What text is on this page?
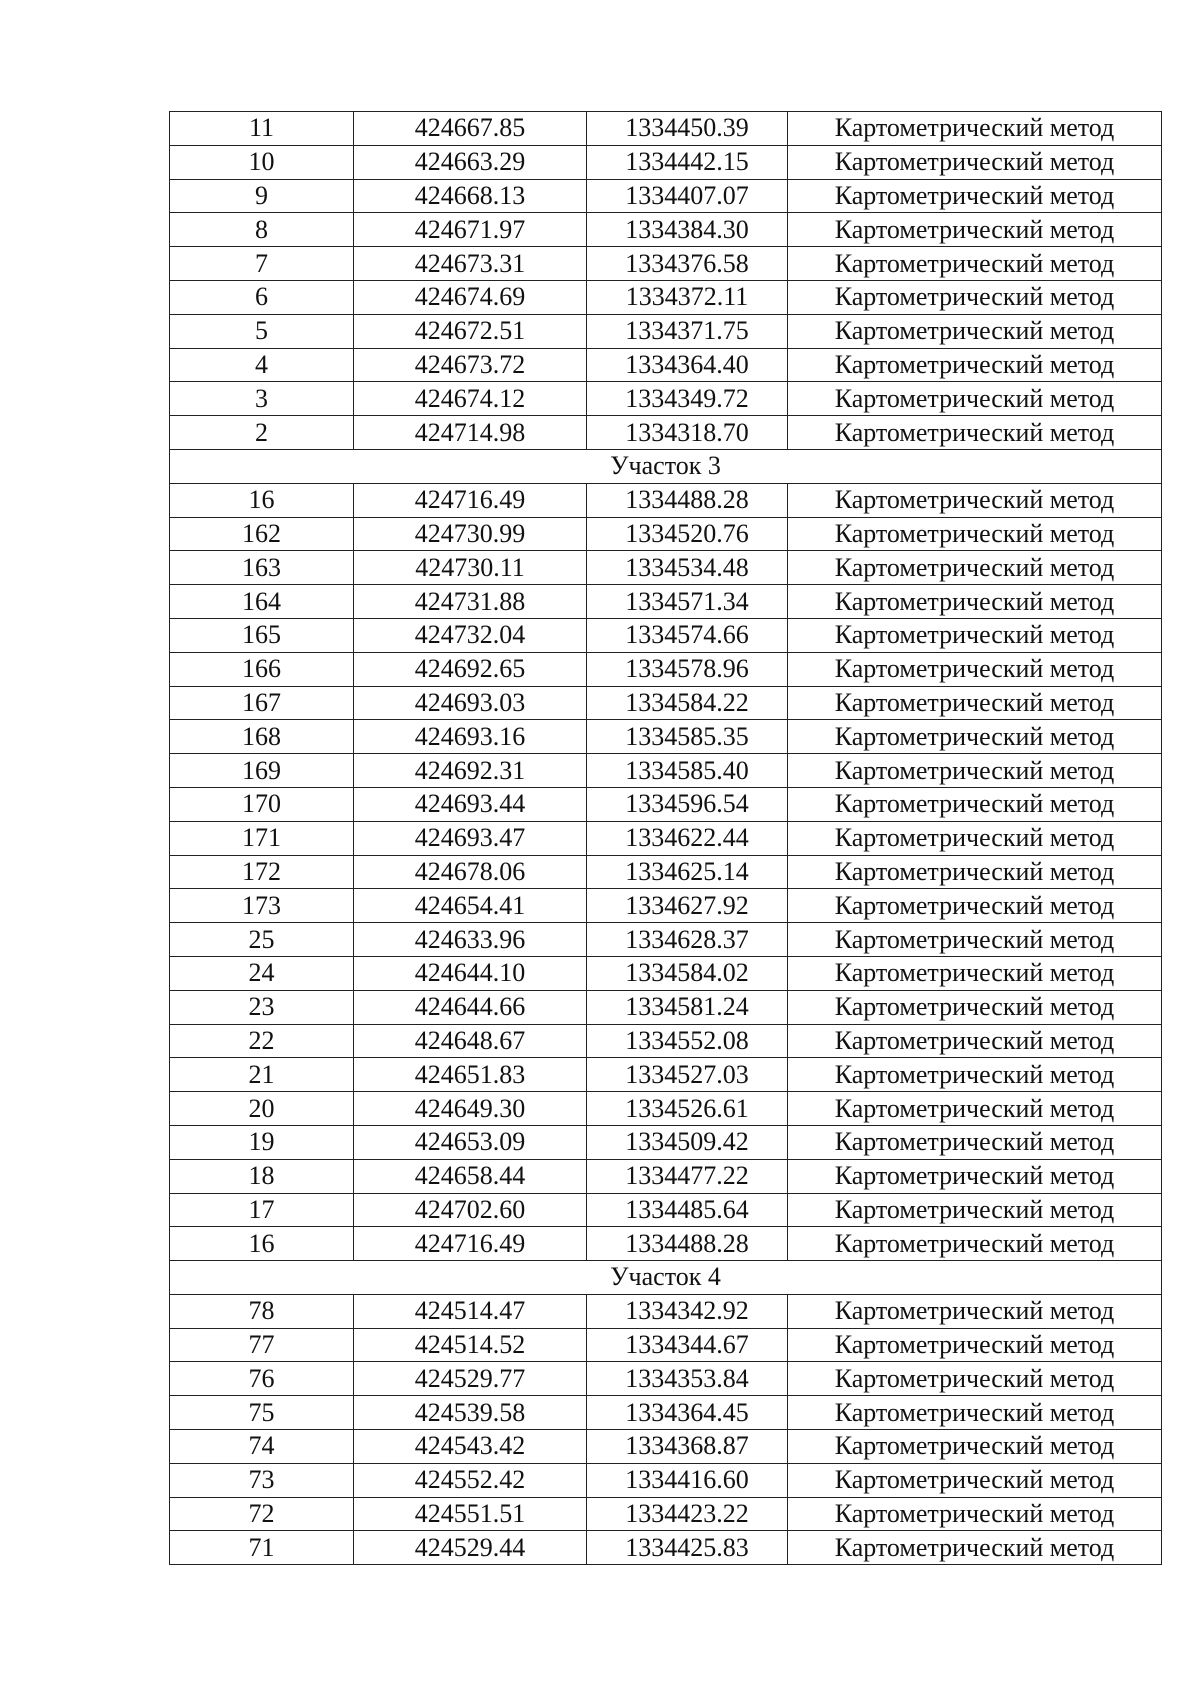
11	424667.85	1334450.39	Картометрический метод
10	424663.29	1334442.15	Картометрический метод
9	424668.13	1334407.07	Картометрический метод
8	424671.97	1334384.30	Картометрический метод
7	424673.31	1334376.58	Картометрический метод
6	424674.69	1334372.11	Картометрический метод
5	424672.51	1334371.75	Картометрический метод
4	424673.72	1334364.40	Картометрический метод
3	424674.12	1334349.72	Картометрический метод
2	424714.98	1334318.70	Картометрический метод
Участок 3			
16	424716.49	1334488.28	Картометрический метод
162	424730.99	1334520.76	Картометрический метод
163	424730.11	1334534.48	Картометрический метод
164	424731.88	1334571.34	Картометрический метод
165	424732.04	1334574.66	Картометрический метод
166	424692.65	1334578.96	Картометрический метод
167	424693.03	1334584.22	Картометрический метод
168	424693.16	1334585.35	Картометрический метод
169	424692.31	1334585.40	Картометрический метод
170	424693.44	1334596.54	Картометрический метод
171	424693.47	1334622.44	Картометрический метод
172	424678.06	1334625.14	Картометрический метод
173	424654.41	1334627.92	Картометрический метод
25	424633.96	1334628.37	Картометрический метод
24	424644.10	1334584.02	Картометрический метод
23	424644.66	1334581.24	Картометрический метод
22	424648.67	1334552.08	Картометрический метод
21	424651.83	1334527.03	Картометрический метод
20	424649.30	1334526.61	Картометрический метод
19	424653.09	1334509.42	Картометрический метод
18	424658.44	1334477.22	Картометрический метод
17	424702.60	1334485.64	Картометрический метод
16	424716.49	1334488.28	Картометрический метод
Участок 4			
78	424514.47	1334342.92	Картометрический метод
77	424514.52	1334344.67	Картометрический метод
76	424529.77	1334353.84	Картометрический метод
75	424539.58	1334364.45	Картометрический метод
74	424543.42	1334368.87	Картометрический метод
73	424552.42	1334416.60	Картометрический метод
72	424551.51	1334423.22	Картометрический метод
71	424529.44	1334425.83	Картометрический метод
